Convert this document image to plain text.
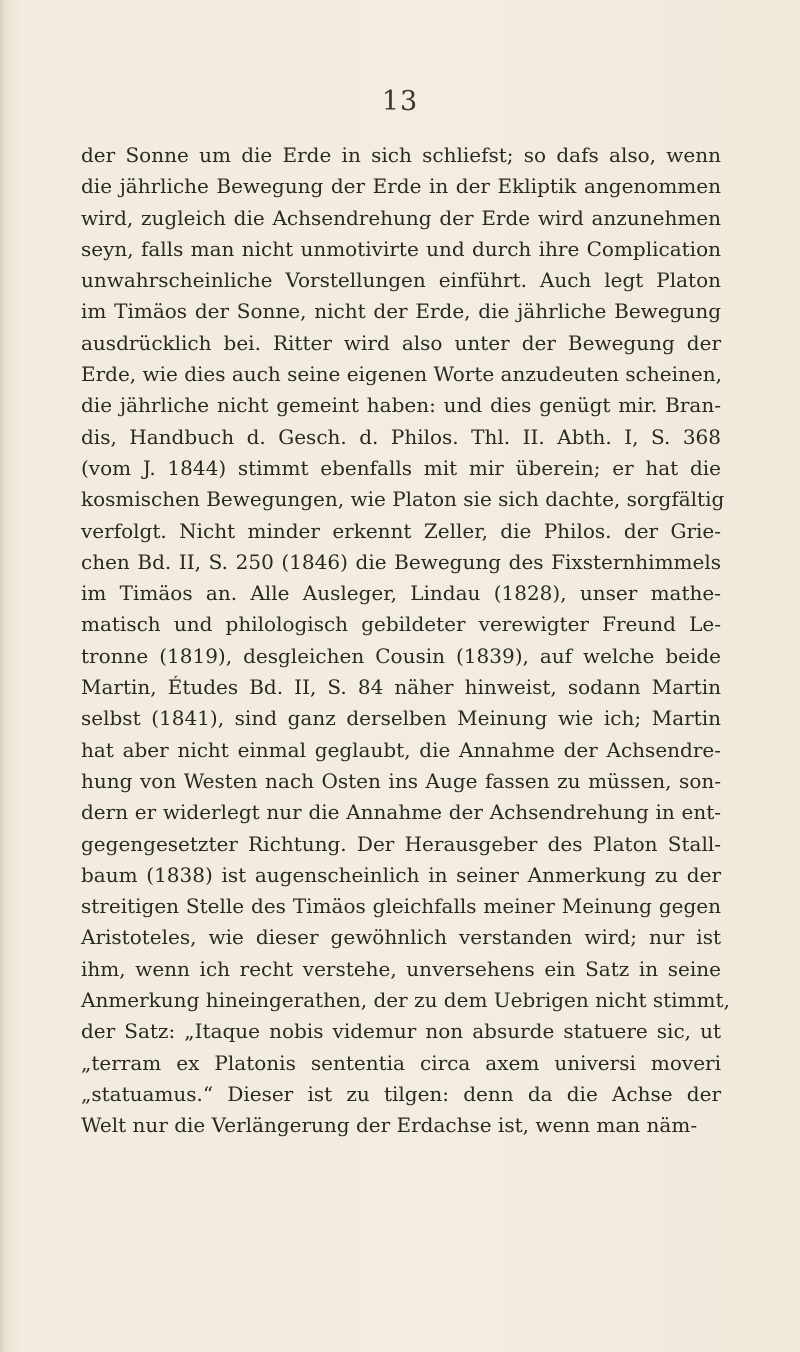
13

der Sonne um die Erde in sich schliefst; so dafs also, wenn
die jährliche Bewegung der Erde in der Ekliptik angenommen
wird, zugleich die Achsendrehung der Erde wird anzunehmen
seyn, falls man nicht unmotivirte und durch ihre Complication
unwahrscheinliche Vorstellungen einführt. Auch legt Platon
im Timäos der Sonne, nicht der Erde, die jährliche Bewegung
ausdrücklich bei. Ritter wird also unter der Bewegung der
Erde, wie dies auch seine eigenen Worte anzudeuten scheinen,
die jährliche nicht gemeint haben: und dies genügt mir. Bran-
dis, Handbuch d. Gesch. d. Philos. Thl. II. Abth. I, S. 368
(vom J. 1844) stimmt ebenfalls mit mir überein; er hat die
kosmischen Bewegungen, wie Platon sie sich dachte, sorgfältig
verfolgt. Nicht minder erkennt Zeller, die Philos. der Grie-
chen Bd. II, S. 250 (1846) die Bewegung des Fixsternhimmels
im Timäos an. Alle Ausleger, Lindau (1828), unser mathe-
matisch und philologisch gebildeter verewigter Freund Le-
tronne (1819), desgleichen Cousin (1839), auf welche beide
Martin, Études Bd. II, S. 84 näher hinweist, sodann Martin
selbst (1841), sind ganz derselben Meinung wie ich; Martin
hat aber nicht einmal geglaubt, die Annahme der Achsendre-
hung von Westen nach Osten ins Auge fassen zu müssen, son-
dern er widerlegt nur die Annahme der Achsendrehung in ent-
gegengesetzter Richtung. Der Herausgeber des Platon Stall-
baum (1838) ist augenscheinlich in seiner Anmerkung zu der
streitigen Stelle des Timäos gleichfalls meiner Meinung gegen
Aristoteles, wie dieser gewöhnlich verstanden wird; nur ist
ihm, wenn ich recht verstehe, unversehens ein Satz in seine
Anmerkung hineingerathen, der zu dem Uebrigen nicht stimmt,
der Satz: „Itaque nobis videmur non absurde statuere sic, ut
„terram ex Platonis sententia circa axem universi moveri
„statuamus.“ Dieser ist zu tilgen: denn da die Achse der
Welt nur die Verlängerung der Erdachse ist, wenn man näm-
